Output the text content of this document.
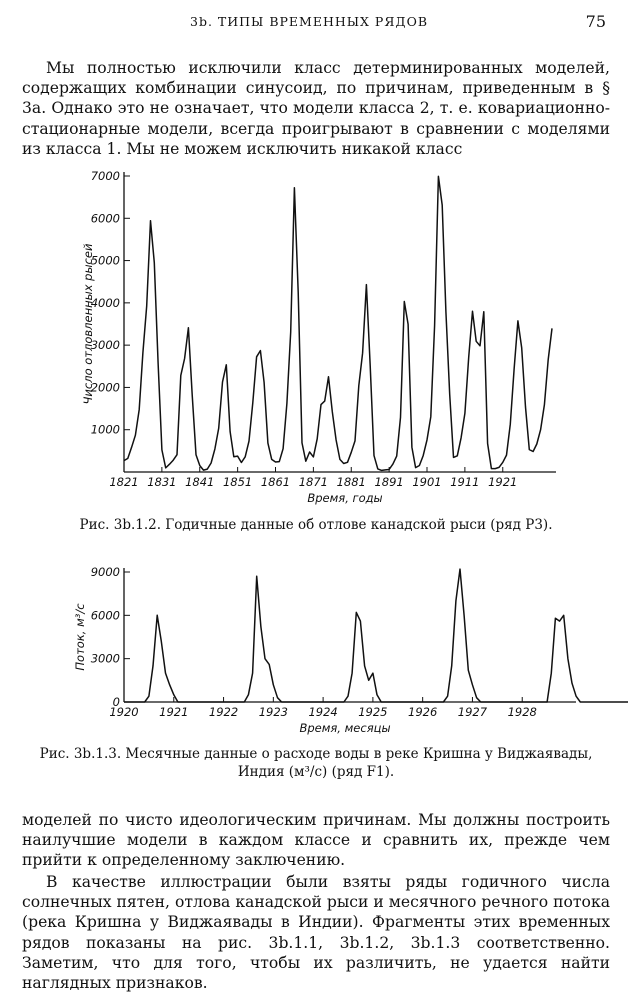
3b. ТИПЫ ВРЕМЕННЫХ РЯДОВ	75

Мы полностью исключили класс детерминированных моделей, содержащих комбинации синусоид, по причинам, приведенным в § 3а. Однако это не означает, что модели класса 2, т. е. ковариационно-стационарные модели, всегда проигрывают в сравнении с моделями из класса 1. Мы не можем исключить никакой класс

1000
2000
3000
4000
5000
6000
7000
1821 1831 1841 1851 1861 1871 1881 1891 1901 1911 1921
Время, годы
Число отловленных рысей

Рис. 3b.1.2. Годичные данные об отлове канадской рыси (ряд P3).

0
3000
6000
9000
1920 1921 1922 1923 1924 1925 1926 1927 1928
Время, месяцы
Поток, м³/с

Рис. 3b.1.3. Месячные данные о расходе воды в реке Кришна у Виджаявады, Индия (м³/с) (ряд F1).

моделей по чисто идеологическим причинам. Мы должны построить наилучшие модели в каждом классе и сравнить их, прежде чем прийти к определенному заключению.

В качестве иллюстрации были взяты ряды годичного числа солнечных пятен, отлова канадской рыси и месячного речного потока (река Кришна у Виджаявады в Индии). Фрагменты этих временных рядов показаны на рис. 3b.1.1, 3b.1.2, 3b.1.3 соответственно. Заметим, что для того, чтобы их различить, не удается найти наглядных признаков.
